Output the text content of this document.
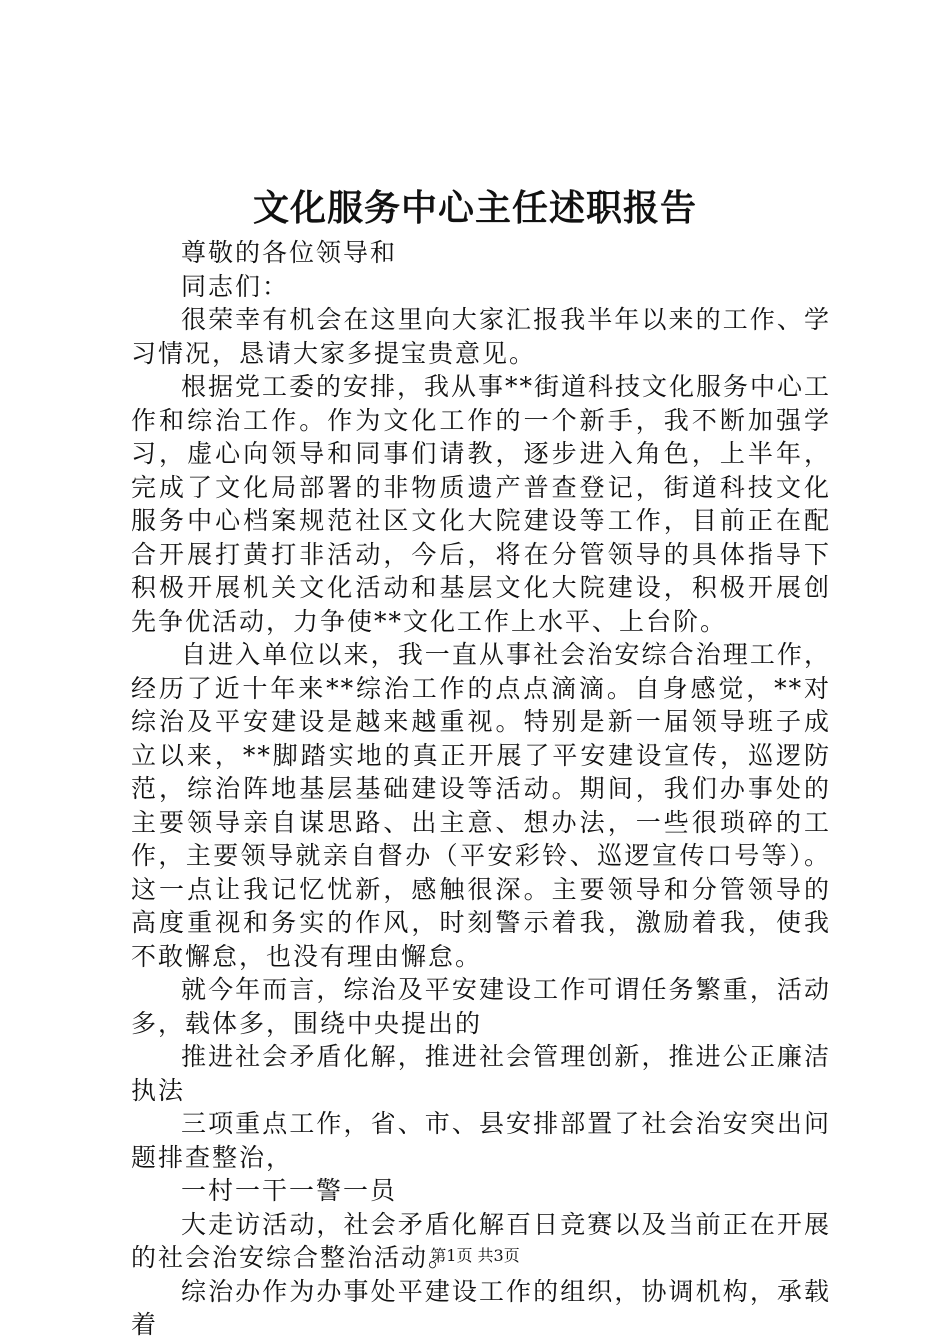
文化服务中心主任述职报告

尊敬的各位领导和

同志们：

很荣幸有机会在这里向大家汇报我半年以来的工作、学习情况，恳请大家多提宝贵意见。

根据党工委的安排，我从事**街道科技文化服务中心工作和综治工作。作为文化工作的一个新手，我不断加强学习，虚心向领导和同事们请教，逐步进入角色，上半年，完成了文化局部署的非物质遗产普查登记，街道科技文化服务中心档案规范社区文化大院建设等工作，目前正在配合开展打黄打非活动，今后，将在分管领导的具体指导下积极开展机关文化活动和基层文化大院建设，积极开展创先争优活动，力争使**文化工作上水平、上台阶。

自进入单位以来，我一直从事社会治安综合治理工作，经历了近十年来**综治工作的点点滴滴。自身感觉，**对综治及平安建设是越来越重视。特别是新一届领导班子成立以来，**脚踏实地的真正开展了平安建设宣传，巡逻防范，综治阵地基层基础建设等活动。期间，我们办事处的主要领导亲自谋思路、出主意、想办法，一些很琐碎的工作，主要领导就亲自督办（平安彩铃、巡逻宣传口号等）。这一点让我记忆忧新，感触很深。主要领导和分管领导的高度重视和务实的作风，时刻警示着我，激励着我，使我不敢懈怠，也没有理由懈怠。

就今年而言，综治及平安建设工作可谓任务繁重，活动多，载体多，围绕中央提出的

推进社会矛盾化解，推进社会管理创新，推进公正廉洁执法

三项重点工作，省、市、县安排部置了社会治安突出问题排查整治，

一村一干一警一员

大走访活动，社会矛盾化解百日竞赛以及当前正在开展的社会治安综合整治活动。

综治办作为办事处平建设工作的组织，协调机构，承载着

第1页 共3页
